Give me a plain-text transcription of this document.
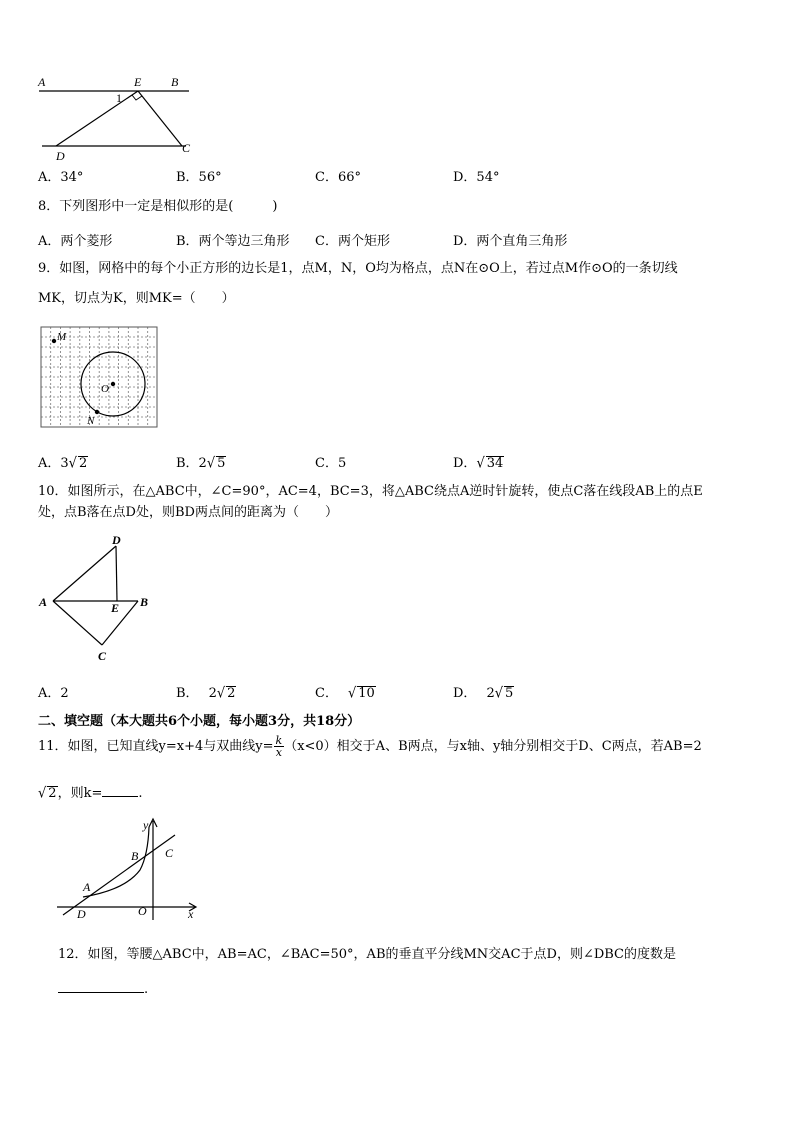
A	E B
1
D
C
A．34°	B．56°	C．66°	D．54°
8．下列图形中一定是相似形的是(　　　)
A．两个菱形	B．两个等边三角形 C．两个矩形	D．两个直角三角形
9．如图，网格中的每个小正方形的边长是1，点M，N，O均为格点，点N在⊙O上，若过点M作⊙O的一条切线
MK，切点为K，则MK=（　　）
M
O
N
A．3√ 2	B．2√ 5	C．5	D．√ 34
10．如图所示，在△ABC中，∠C=90°，AC=4，BC=3，将△ABC绕点A逆时针旋转，使点C落在线段AB上的点E
处，点B落在点D处，则BD两点间的距离为（　　）
D
A	E B
C
A．2	B． 2√ 2	C． √ 10	D． 2√ 5
二、填空题（本大题共6个小题，每小题3分，共18分）
11．如图，已知直线y=x+4与双曲线$y= \frac{k}{x} (x<0)$相交于A、B两点，与x轴、y轴分别相交于D、C两点，若AB=2
√ 2，则k=	.
y
B C
A
D	O	x
12．如图，等腰△ABC中，AB=AC，∠BAC=50°，AB的垂直平分线MN交AC于点D，则∠DBC的度数是
.
